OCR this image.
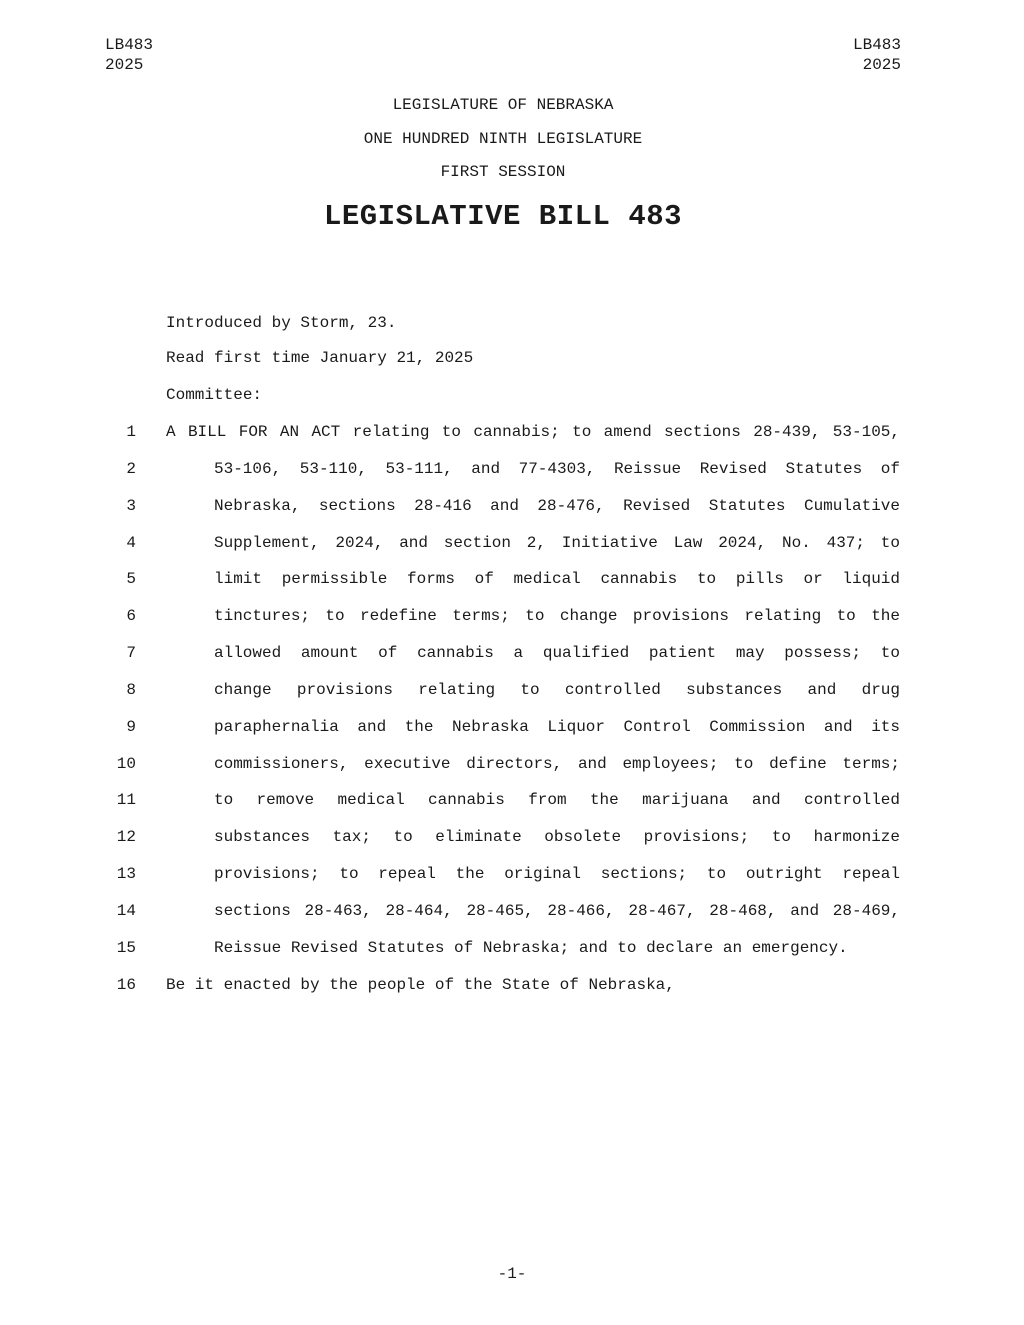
LB483
2025
LB483
2025
LEGISLATURE OF NEBRASKA
ONE HUNDRED NINTH LEGISLATURE
FIRST SESSION
LEGISLATIVE BILL 483
Introduced by Storm, 23.
Read first time January 21, 2025
Committee:
1 A BILL FOR AN ACT relating to cannabis; to amend sections 28-439, 53-105,
2	53-106, 53-110, 53-111, and 77-4303, Reissue Revised Statutes of
3	Nebraska, sections 28-416 and 28-476, Revised Statutes Cumulative
4	Supplement, 2024, and section 2, Initiative Law 2024, No. 437; to
5	limit permissible forms of medical cannabis to pills or liquid
6	tinctures; to redefine terms; to change provisions relating to the
7	allowed amount of cannabis a qualified patient may possess; to
8	change provisions relating to controlled substances and drug
9	paraphernalia and the Nebraska Liquor Control Commission and its
10	commissioners, executive directors, and employees; to define terms;
11	to remove medical cannabis from the marijuana and controlled
12	substances tax; to eliminate obsolete provisions; to harmonize
13	provisions; to repeal the original sections; to outright repeal
14	sections 28-463, 28-464, 28-465, 28-466, 28-467, 28-468, and 28-469,
15	Reissue Revised Statutes of Nebraska; and to declare an emergency.
16 Be it enacted by the people of the State of Nebraska,
-1-
